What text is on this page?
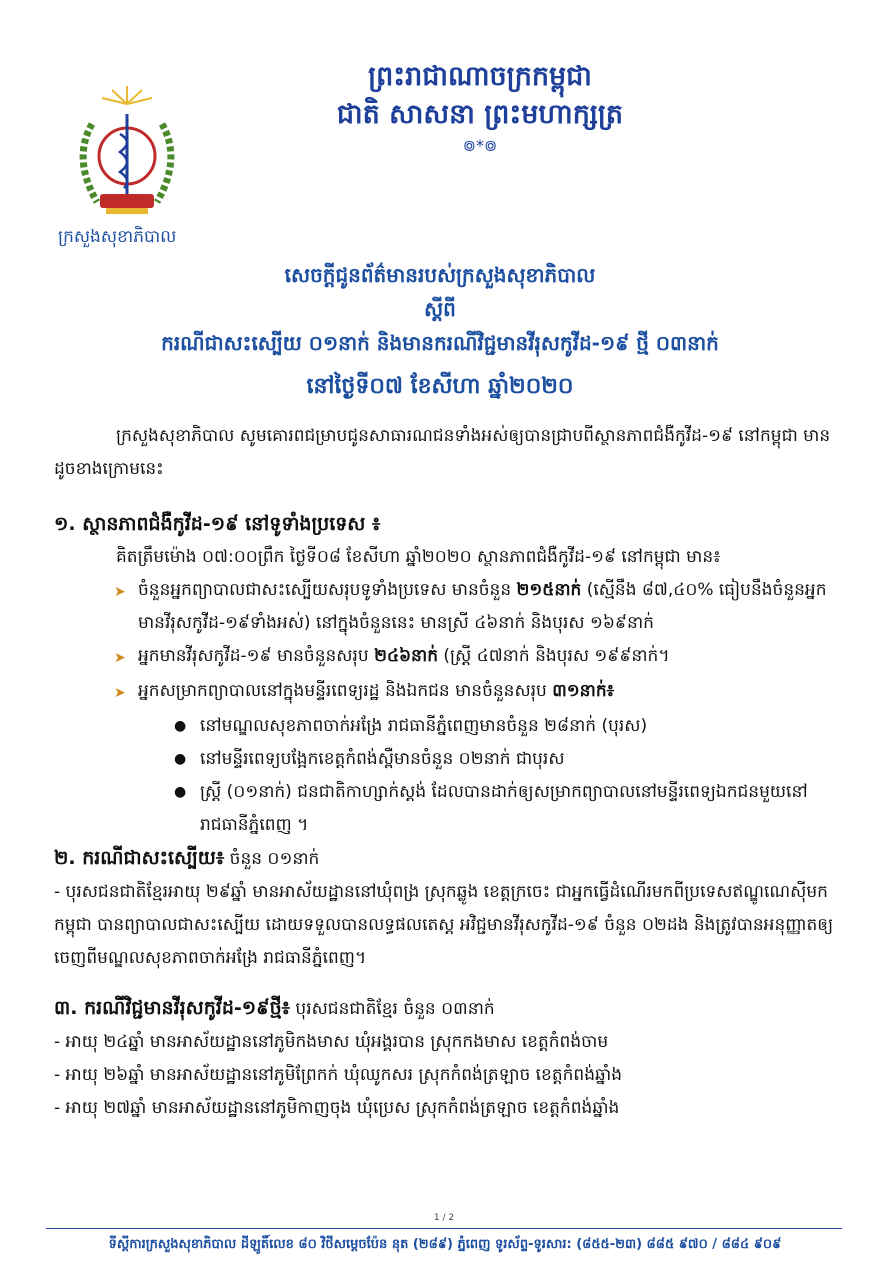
ក្រសួងសុខាភិបាល
ព្រះរាជាណាចក្រកម្ពុជា
ជាតិ សាសនា ព្រះមហាក្សត្រ
៙*៙
សេចក្តីជូនព័ត៌មានរបស់ក្រសួងសុខាភិបាល
ស្តីពី
ករណីជាសះស្បើយ ០១នាក់ និងមានករណីវិជ្ជមានវីរុសកូវីដ-១៩ ថ្មី ០៣នាក់
នៅថ្ងៃទី០៧ ខែសីហា ឆ្នាំ២០២០
ក្រសួងសុខាភិបាល សូមគោរពជម្រាបជូនសាធារណជនទាំងអស់ឲ្យបានជ្រាបពីស្ថានភាពជំងឺកូវីដ-១៩ នៅកម្ពុជា មានដូចខាងក្រោមនេះ
១. ស្ថានភាពជំងឺកូវីដ-១៩ នៅទូទាំងប្រទេស ៖
គិតត្រឹមម៉ោង ០៧:០០ព្រឹក ថ្ងៃទី០៨ ខែសីហា ឆ្នាំ២០២០ ស្ថានភាពជំងឺកូវីដ-១៩ នៅកម្ពុជា មាន៖
➤ ចំនួនអ្នកព្យាបាលជាសះស្បើយសរុបទូទាំងប្រទេស មានចំនួន ២១៥នាក់ (ស្មើនឹង ៨៧,៤០% ធៀបនឹងចំនួនអ្នកមានវីរុសកូវីដ-១៩ទាំងអស់) នៅក្នុងចំនួននេះ មានស្រី ៤៦នាក់ និងបុរស ១៦៩នាក់
➤ អ្នកមានវីរុសកូវីដ-១៩ មានចំនួនសរុប ២៤៦នាក់ (ស្ត្រី ៤៧នាក់ និងបុរស ១៩៩នាក់។
➤ អ្នកសម្រាកព្យាបាលនៅក្នុងមន្ទីរពេទ្យរដ្ឋ និងឯកជន មានចំនួនសរុប ៣១នាក់៖
● នៅមណ្ឌលសុខភាពចាក់អង្រែ រាជធានីភ្នំពេញមានចំនួន ២៨នាក់ (បុរស)
● នៅមន្ទីរពេទ្យបង្អែកខេត្តកំពង់ស្ពឺមានចំនួន ០២នាក់ ជាបុរស
● ស្ត្រី (០១នាក់) ជនជាតិកាហ្សាក់ស្តង់ ដែលបានដាក់ឲ្យសម្រាកព្យាបាលនៅមន្ទីរពេទ្យឯកជនមួយនៅរាជធានីភ្នំពេញ ។
២. ករណីជាសះស្បើយ៖ ចំនួន ០១នាក់
- បុរសជនជាតិខ្មែរអាយុ ២៩ឆ្នាំ មានអាស័យដ្ឋាននៅឃុំពង្រ ស្រុកឆ្លូង ខេត្តក្រចេះ ជាអ្នកធ្វើដំណើរមកពីប្រទេសឥណ្ឌូណេស៊ីមកកម្ពុជា បានព្យាបាលជាសះស្បើយ ដោយទទួលបានលទ្ធផលតេស្ត អវិជ្ជមានវីរុសកូវីដ-១៩ ចំនួន ០២ដង និងត្រូវបានអនុញ្ញាតឲ្យចេញពីមណ្ឌលសុខភាពចាក់អង្រែ រាជធានីភ្នំពេញ។
៣. ករណីវិជ្ជមានវីរុសកូវីដ-១៩ថ្មី៖ បុរសជនជាតិខ្មែរ ចំនួន ០៣នាក់
- អាយុ ២៤ឆ្នាំ មានអាស័យដ្ឋាននៅភូមិកងមាស ឃុំអង្គរបាន ស្រុកកងមាស ខេត្តកំពង់ចាម
- អាយុ ២៦ឆ្នាំ មានអាស័យដ្ឋាននៅភូមិព្រែកក់ ឃុំឈូកសរ ស្រុកកំពង់ត្រឡាច ខេត្តកំពង់ឆ្នាំង
- អាយុ ២៧ឆ្នាំ មានអាស័យដ្ឋាននៅភូមិកាញចុង ឃុំប្រេស ស្រុកកំពង់ត្រឡាច ខេត្តកំពង់ឆ្នាំង
1 / 2
ទីស្តីការក្រសួងសុខាភិបាល ដីឡូតិ៍លេខ ៨០ វិថីសម្តេចប៉ែន នុត (២៨៩) ភ្នំពេញ ទូរស័ព្ទ-ទូរសារ: (៨៥៥-២៣) ៨៨៥ ៩៧០ / ៨៨៤ ៩០៩
